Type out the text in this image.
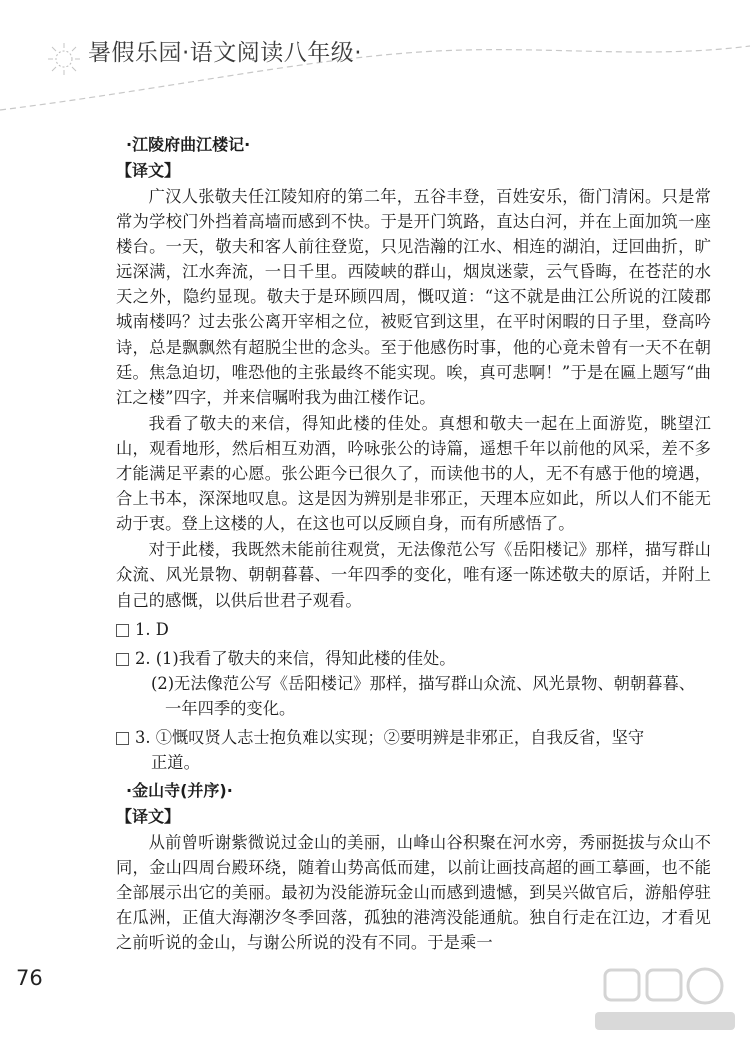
暑假乐园·语文阅读八年级·
·江陵府曲江楼记·
【译文】

广汉人张敬夫任江陵知府的第二年，五谷丰登，百姓安乐，衙门清闲。只是常常为学校门外挡着高墙而感到不快。于是开门筑路，直达白河，并在上面加筑一座楼台。一天，敬夫和客人前往登览，只见浩瀚的江水、相连的湖泊，迂回曲折，旷远深满，江水奔流，一日千里。西陵峡的群山，烟岚迷蒙，云气昏晦，在苍茫的水天之外，隐约显现。敬夫于是环顾四周，慨叹道：“这不就是曲江公所说的江陵郡城南楼吗？过去张公离开宰相之位，被贬官到这里，在平时闲暇的日子里，登高吟诗，总是飘飘然有超脱尘世的念头。至于他感伤时事，他的心竟未曾有一天不在朝廷。焦急迫切，唯恐他的主张最终不能实现。唉，真可悲啊！”于是在匾上题写“曲江之楼”四字，并来信嘱咐我为曲江楼作记。

我看了敬夫的来信，得知此楼的佳处。真想和敬夫一起在上面游览，眺望江山，观看地形，然后相互劝酒，吟咏张公的诗篇，遥想千年以前他的风采，差不多才能满足平素的心愿。张公距今已很久了，而读他书的人，无不有感于他的境遇，合上书本，深深地叹息。这是因为辨别是非邪正，天理本应如此，所以人们不能无动于衷。登上这楼的人，在这也可以反顾自身，而有所感悟了。

对于此楼，我既然未能前往观赏，无法像范公写《岳阳楼记》那样，描写群山众流、风光景物、朝朝暮暮、一年四季的变化，唯有逐一陈述敬夫的原话，并附上自己的感慨，以供后世君子观看。

1. D
2. (1)我看了敬夫的来信，得知此楼的佳处。
(2)无法像范公写《岳阳楼记》那样，描写群山众流、风光景物、朝朝暮暮、一年四季的变化。
3. ①慨叹贤人志士抱负难以实现；②要明辨是非邪正，自我反省，坚守
正道。
·金山寺(并序)·
【译文】

从前曾听谢紫微说过金山的美丽，山峰山谷积聚在河水旁，秀丽挺拔与众山不同，金山四周台殿环绕，随着山势高低而建，以前让画技高超的画工摹画，也不能全部展示出它的美丽。最初为没能游玩金山而感到遗憾，到吴兴做官后，游船停驻在瓜洲，正值大海潮汐冬季回落，孤独的港湾没能通航。独自行走在江边，才看见之前听说的金山，与谢公所说的没有不同。于是乘一

76
